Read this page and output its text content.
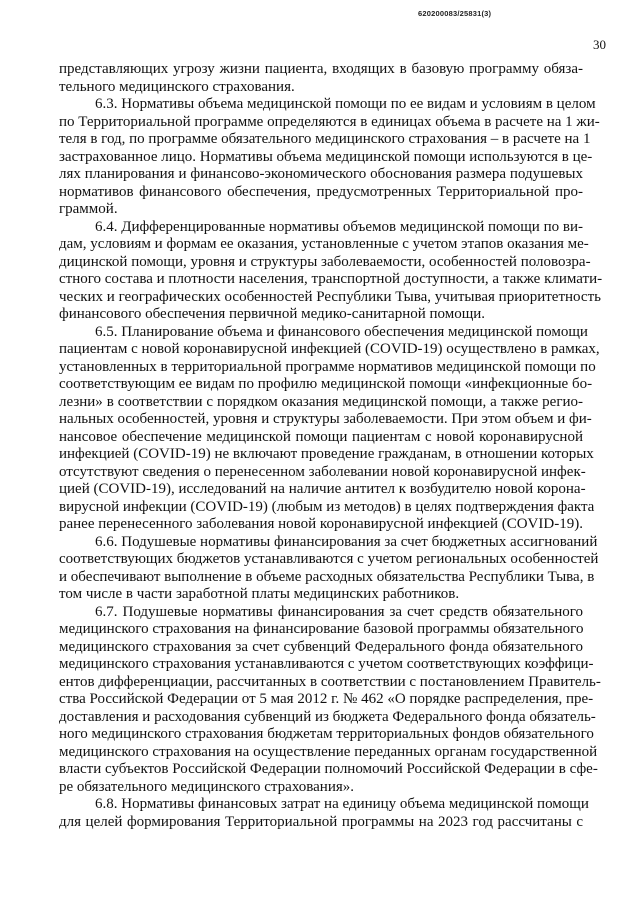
620200083/25831(3)
30
представляющих угрозу жизни пациента, входящих в базовую программу обяза-
тельного медицинского страхования.
6.3. Нормативы объема медицинской помощи по ее видам и условиям в целом
по Территориальной программе определяются в единицах объема в расчете на 1 жи-
теля в год, по программе обязательного медицинского страхования – в расчете на 1
застрахованное лицо. Нормативы объема медицинской помощи используются в це-
лях планирования и финансово-экономического обоснования размера подушевых
нормативов финансового обеспечения, предусмотренных Территориальной про-
граммой.
6.4. Дифференцированные нормативы объемов медицинской помощи по ви-
дам, условиям и формам ее оказания, установленные с учетом этапов оказания ме-
дицинской помощи, уровня и структуры заболеваемости, особенностей половозра-
стного состава и плотности населения, транспортной доступности, а также климати-
ческих и географических особенностей Республики Тыва, учитывая приоритетность
финансового обеспечения первичной медико-санитарной помощи.
6.5. Планирование объема и финансового обеспечения медицинской помощи
пациентам с новой коронавирусной инфекцией (COVID-19) осуществлено в рамках,
установленных в территориальной программе нормативов медицинской помощи по
соответствующим ее видам по профилю медицинской помощи «инфекционные бо-
лезни» в соответствии с порядком оказания медицинской помощи, а также регио-
нальных особенностей, уровня и структуры заболеваемости. При этом объем и фи-
нансовое обеспечение медицинской помощи пациентам с новой коронавирусной
инфекцией (COVID-19) не включают проведение гражданам, в отношении которых
отсутствуют сведения о перенесенном заболевании новой коронавирусной инфек-
цией (COVID-19), исследований на наличие антител к возбудителю новой корона-
вирусной инфекции (COVID-19) (любым из методов) в целях подтверждения факта
ранее перенесенного заболевания новой коронавирусной инфекцией (COVID-19).
6.6. Подушевые нормативы финансирования за счет бюджетных ассигнований
соответствующих бюджетов устанавливаются с учетом региональных особенностей
и обеспечивают выполнение в объеме расходных обязательства Республики Тыва, в
том числе в части заработной платы медицинских работников.
6.7. Подушевые нормативы финансирования за счет средств обязательного
медицинского страхования на финансирование базовой программы обязательного
медицинского страхования за счет субвенций Федерального фонда обязательного
медицинского страхования устанавливаются с учетом соответствующих коэффици-
ентов дифференциации, рассчитанных в соответствии с постановлением Правитель-
ства Российской Федерации от 5 мая 2012 г. № 462 «О порядке распределения, пре-
доставления и расходования субвенций из бюджета Федерального фонда обязатель-
ного медицинского страхования бюджетам территориальных фондов обязательного
медицинского страхования на осуществление переданных органам государственной
власти субъектов Российской Федерации полномочий Российской Федерации в сфе-
ре обязательного медицинского страхования».
6.8. Нормативы финансовых затрат на единицу объема медицинской помощи
для целей формирования Территориальной программы на 2023 год рассчитаны с
